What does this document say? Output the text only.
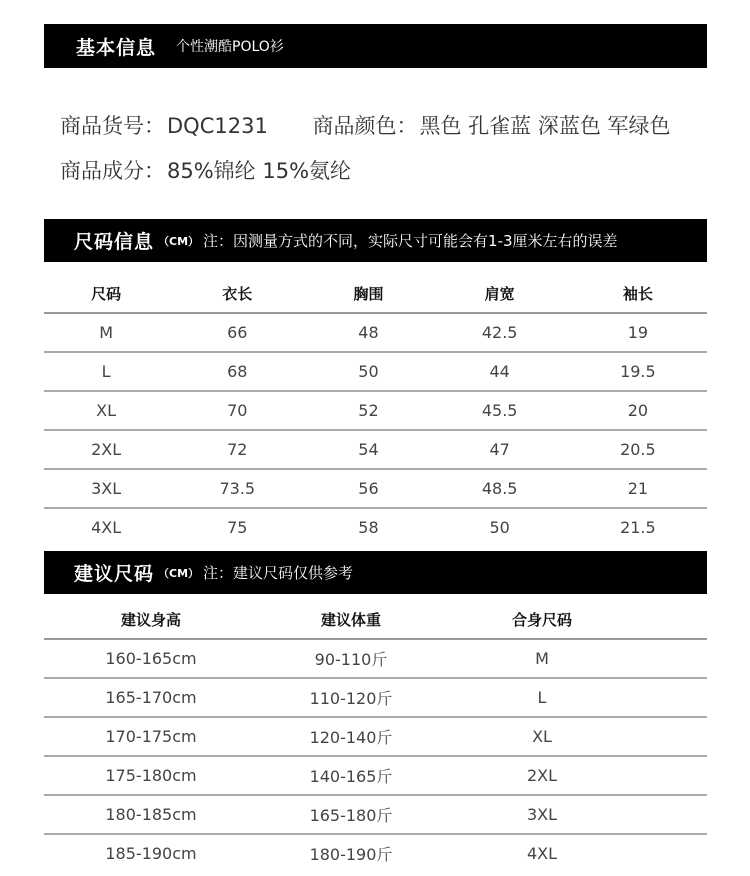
基本信息 个性潮酷POLO衫
商品货号：DQC1231 商品颜色：黑色 孔雀蓝 深蓝色 军绿色
商品成分：85%锦纶 15%氨纶
尺码信息 （CM） 注：因测量方式的不同，实际尺寸可能会有1-3厘米左右的误差
尺码	衣长	胸围	肩宽	袖长
M	66	48	42.5	19
L	68	50	44	19.5
XL	70	52	45.5	20
2XL	72	54	47	20.5
3XL	73.5	56	48.5	21
4XL	75	58	50	21.5
建议尺码 （CM） 注：建议尺码仅供参考
建议身高	建议体重	合身尺码	
160-165cm	90-110斤	M	
165-170cm	110-120斤	L	
170-175cm	120-140斤	XL	
175-180cm	140-165斤	2XL	
180-185cm	165-180斤	3XL	
185-190cm	180-190斤	4XL	
